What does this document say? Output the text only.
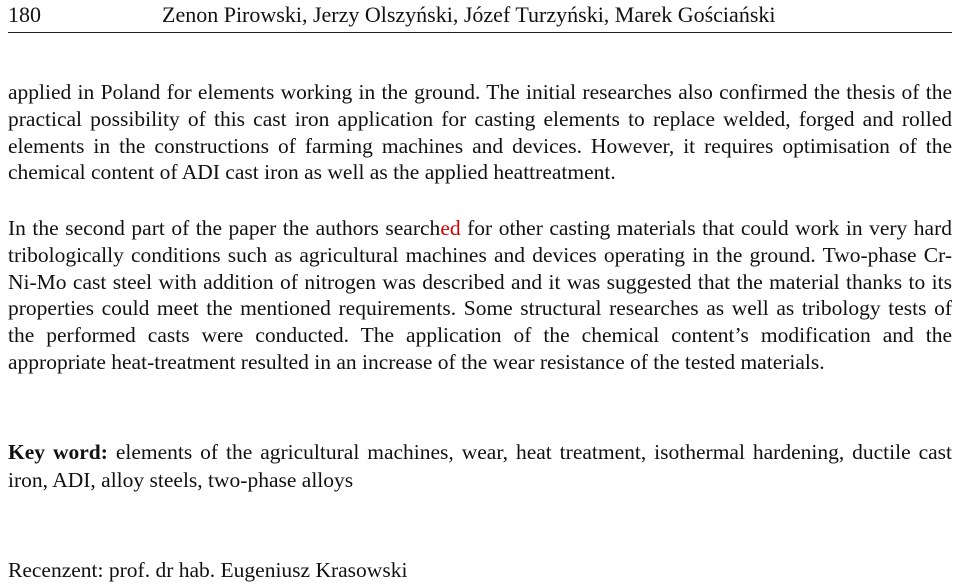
180	Zenon Pirowski, Jerzy Olszyński, Józef Turzyński, Marek Gościański

applied in Poland for elements working in the ground. The initial researches also confirmed the thesis of the practical possibility of this cast iron application for casting elements to replace welded, forged and rolled elements in the constructions of farming machines and devices. However, it requires optimisation of the chemical content of ADI cast iron as well as the applied heattreatment.

In the second part of the paper the authors searched for other casting materials that could work in very hard tribologically conditions such as agricultural machines and devices operating in the ground. Two-phase Cr-Ni-Mo cast steel with addition of nitrogen was described and it was suggested that the material thanks to its properties could meet the mentioned requirements. Some structural researches as well as tribology tests of the performed casts were conducted. The application of the chemical content’s modification and the appropriate heat-treatment resulted in an increase of the wear resistance of the tested materials.

Key word: elements of the agricultural machines, wear, heat treatment, isothermal hardening, ductile cast iron, ADI, alloy steels, two-phase alloys

Recenzent: prof. dr hab. Eugeniusz Krasowski
